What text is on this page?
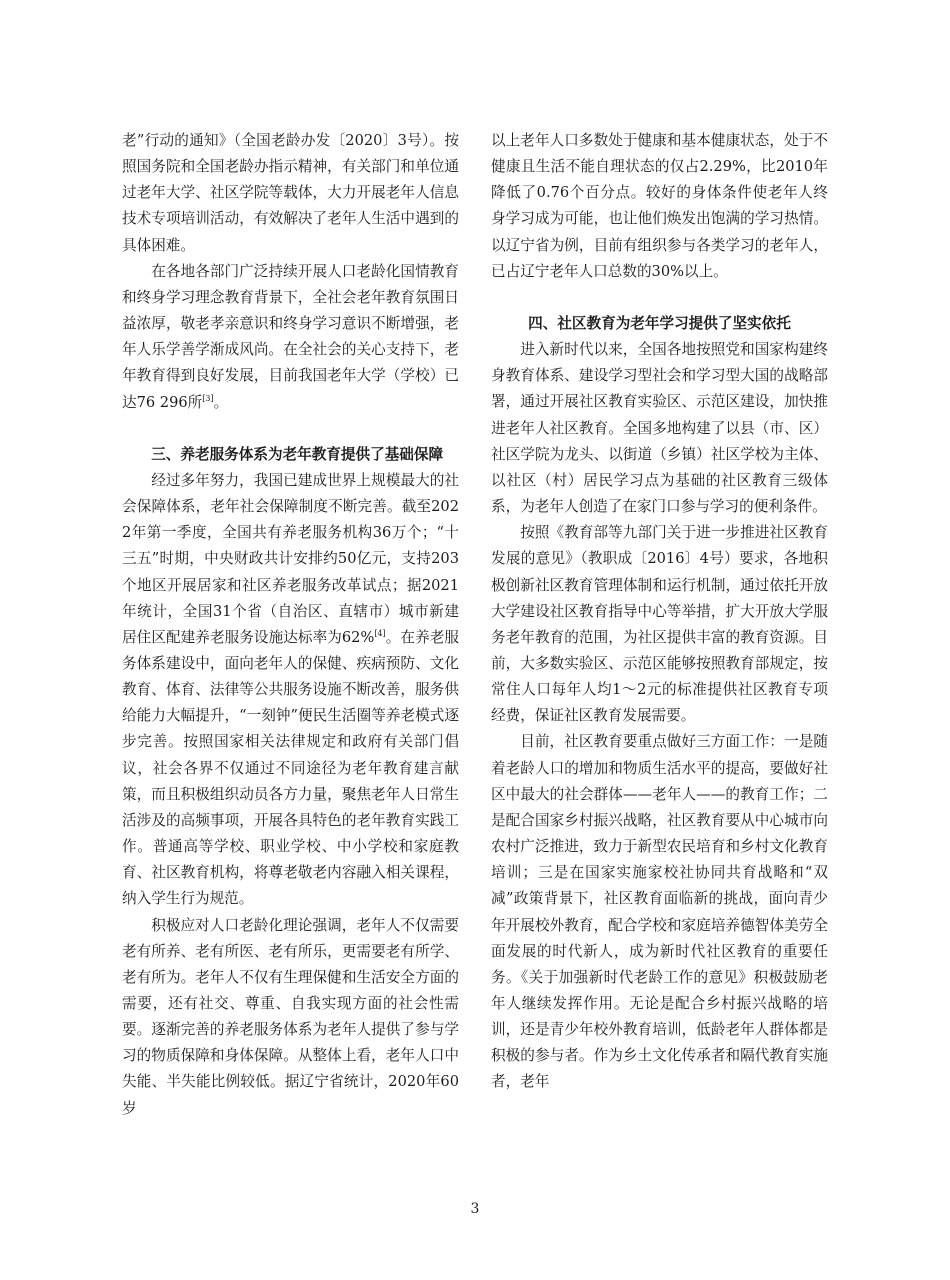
老”行动的通知》（全国老龄办发〔2020〕3号）。按照国务院和全国老龄办指示精神，有关部门和单位通过老年大学、社区学院等载体，大力开展老年人信息技术专项培训活动，有效解决了老年人生活中遇到的具体困难。

在各地各部门广泛持续开展人口老龄化国情教育和终身学习理念教育背景下，全社会老年教育氛围日益浓厚，敬老孝亲意识和终身学习意识不断增强，老年人乐学善学渐成风尚。在全社会的关心支持下，老年教育得到良好发展，目前我国老年大学（学校）已达76 296所[3]。

三、养老服务体系为老年教育提供了基础保障

经过多年努力，我国已建成世界上规模最大的社会保障体系，老年社会保障制度不断完善。截至2022年第一季度，全国共有养老服务机构36万个；“十三五”时期，中央财政共计安排约50亿元，支持203个地区开展居家和社区养老服务改革试点；据2021年统计，全国31个省（自治区、直辖市）城市新建居住区配建养老服务设施达标率为62%[4]。在养老服务体系建设中，面向老年人的保健、疾病预防、文化教育、体育、法律等公共服务设施不断改善，服务供给能力大幅提升，“一刻钟”便民生活圈等养老模式逐步完善。按照国家相关法律规定和政府有关部门倡议，社会各界不仅通过不同途径为老年教育建言献策，而且积极组织动员各方力量，聚焦老年人日常生活涉及的高频事项，开展各具特色的老年教育实践工作。普通高等学校、职业学校、中小学校和家庭教育、社区教育机构，将尊老敬老内容融入相关课程，纳入学生行为规范。

积极应对人口老龄化理论强调，老年人不仅需要老有所养、老有所医、老有所乐，更需要老有所学、老有所为。老年人不仅有生理保健和生活安全方面的需要，还有社交、尊重、自我实现方面的社会性需要。逐渐完善的养老服务体系为老年人提供了参与学习的物质保障和身体保障。从整体上看，老年人口中失能、半失能比例较低。据辽宁省统计，2020年60岁

以上老年人口多数处于健康和基本健康状态，处于不健康且生活不能自理状态的仅占2.29%，比2010年降低了0.76个百分点。较好的身体条件使老年人终身学习成为可能，也让他们焕发出饱满的学习热情。以辽宁省为例，目前有组织参与各类学习的老年人，已占辽宁老年人口总数的30%以上。

四、社区教育为老年学习提供了坚实依托

进入新时代以来，全国各地按照党和国家构建终身教育体系、建设学习型社会和学习型大国的战略部署，通过开展社区教育实验区、示范区建设，加快推进老年人社区教育。全国多地构建了以县（市、区）社区学院为龙头、以街道（乡镇）社区学校为主体、以社区（村）居民学习点为基础的社区教育三级体系，为老年人创造了在家门口参与学习的便利条件。

按照《教育部等九部门关于进一步推进社区教育发展的意见》（教职成〔2016〕4号）要求，各地积极创新社区教育管理体制和运行机制，通过依托开放大学建设社区教育指导中心等举措，扩大开放大学服务老年教育的范围，为社区提供丰富的教育资源。目前，大多数实验区、示范区能够按照教育部规定，按常住人口每年人均1～2元的标准提供社区教育专项经费，保证社区教育发展需要。

目前，社区教育要重点做好三方面工作：一是随着老龄人口的增加和物质生活水平的提高，要做好社区中最大的社会群体——老年人——的教育工作；二是配合国家乡村振兴战略，社区教育要从中心城市向农村广泛推进，致力于新型农民培育和乡村文化教育培训；三是在国家实施家校社协同共育战略和“双减”政策背景下，社区教育面临新的挑战，面向青少年开展校外教育，配合学校和家庭培养德智体美劳全面发展的时代新人，成为新时代社区教育的重要任务。《关于加强新时代老龄工作的意见》积极鼓励老年人继续发挥作用。无论是配合乡村振兴战略的培训，还是青少年校外教育培训，低龄老年人群体都是积极的参与者。作为乡土文化传承者和隔代教育实施者，老年

3
